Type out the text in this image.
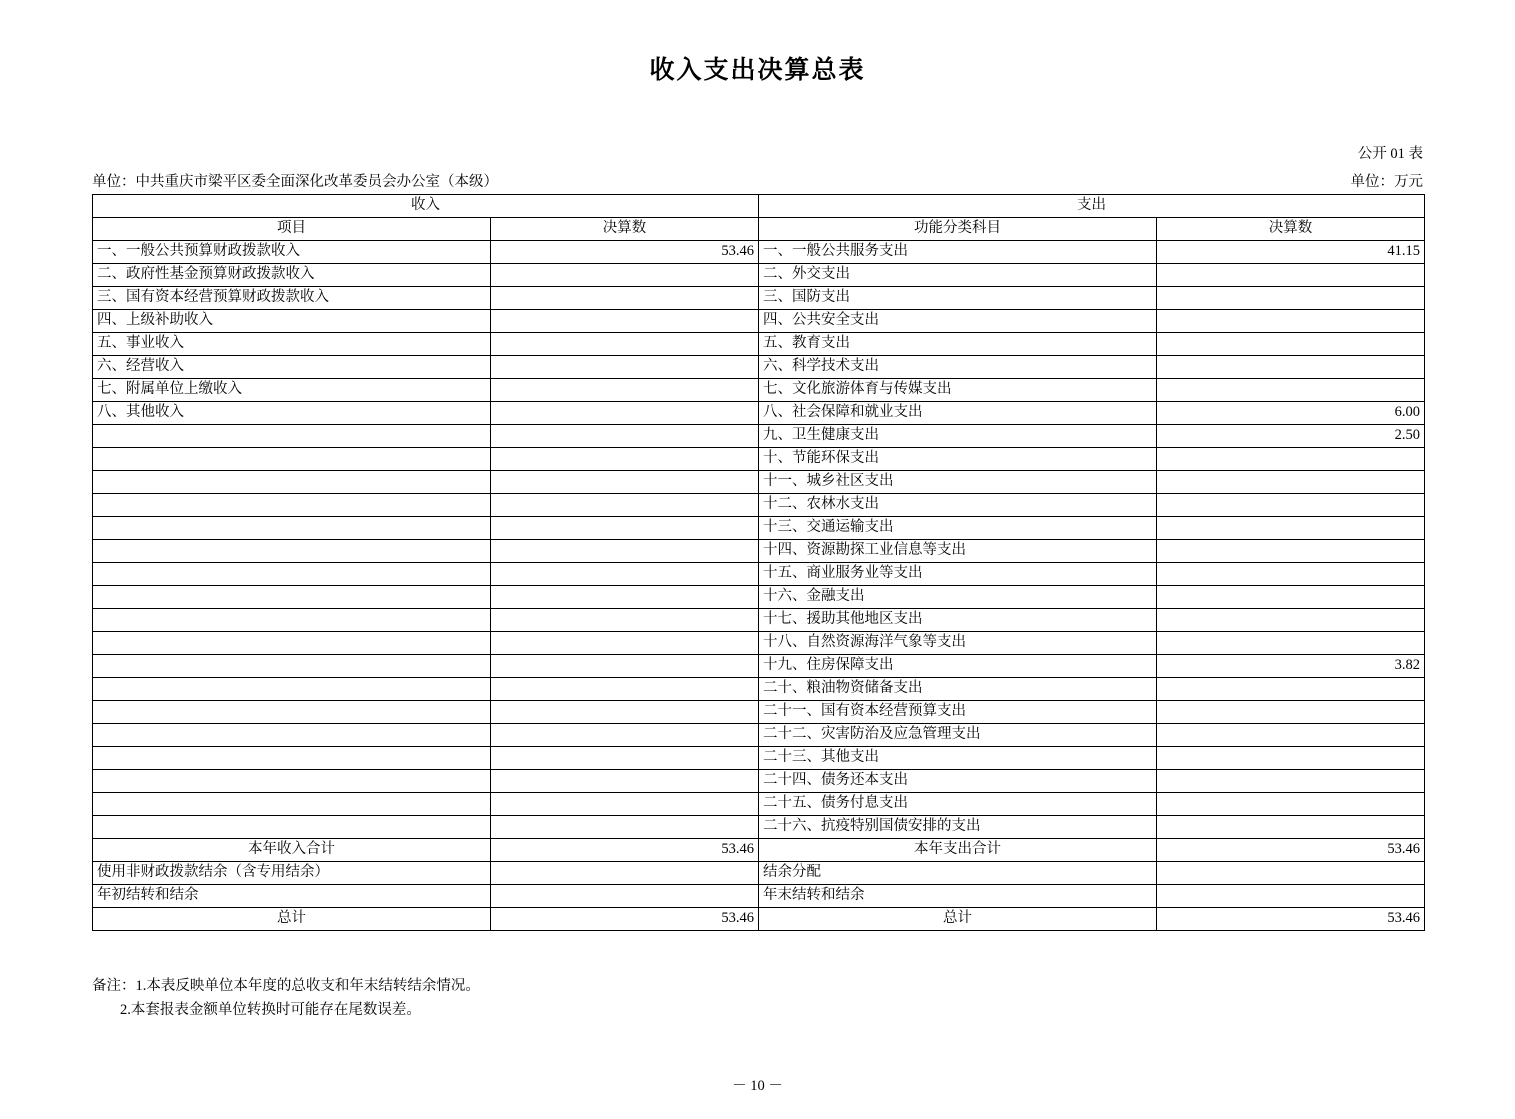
收入支出决算总表
公开 01 表
单位：中共重庆市梁平区委全面深化改革委员会办公室（本级）	单位：万元
收入		支出	
项目	决算数	功能分类科目	决算数
一、一般公共预算财政拨款收入	53.46	一、一般公共服务支出	41.15
二、政府性基金预算财政拨款收入		二、外交支出	
三、国有资本经营预算财政拨款收入		三、国防支出	
四、上级补助收入		四、公共安全支出	
五、事业收入		五、教育支出	
六、经营收入		六、科学技术支出	
七、附属单位上缴收入		七、文化旅游体育与传媒支出	
八、其他收入		八、社会保障和就业支出	6.00
		九、卫生健康支出	2.50
		十、节能环保支出	
		十一、城乡社区支出	
		十二、农林水支出	
		十三、交通运输支出	
		十四、资源勘探工业信息等支出	
		十五、商业服务业等支出	
		十六、金融支出	
		十七、援助其他地区支出	
		十八、自然资源海洋气象等支出	
		十九、住房保障支出	3.82
		二十、粮油物资储备支出	
		二十一、国有资本经营预算支出	
		二十二、灾害防治及应急管理支出	
		二十三、其他支出	
		二十四、债务还本支出	
		二十五、债务付息支出	
		二十六、抗疫特别国债安排的支出	
本年收入合计	53.46	本年支出合计	53.46
使用非财政拨款结余（含专用结余）		结余分配	
年初结转和结余		年末结转和结余	
总计	53.46	总计	53.46
备注：1.本表反映单位本年度的总收支和年末结转结余情况。
2.本套报表金额单位转换时可能存在尾数误差。
－ 10 －
